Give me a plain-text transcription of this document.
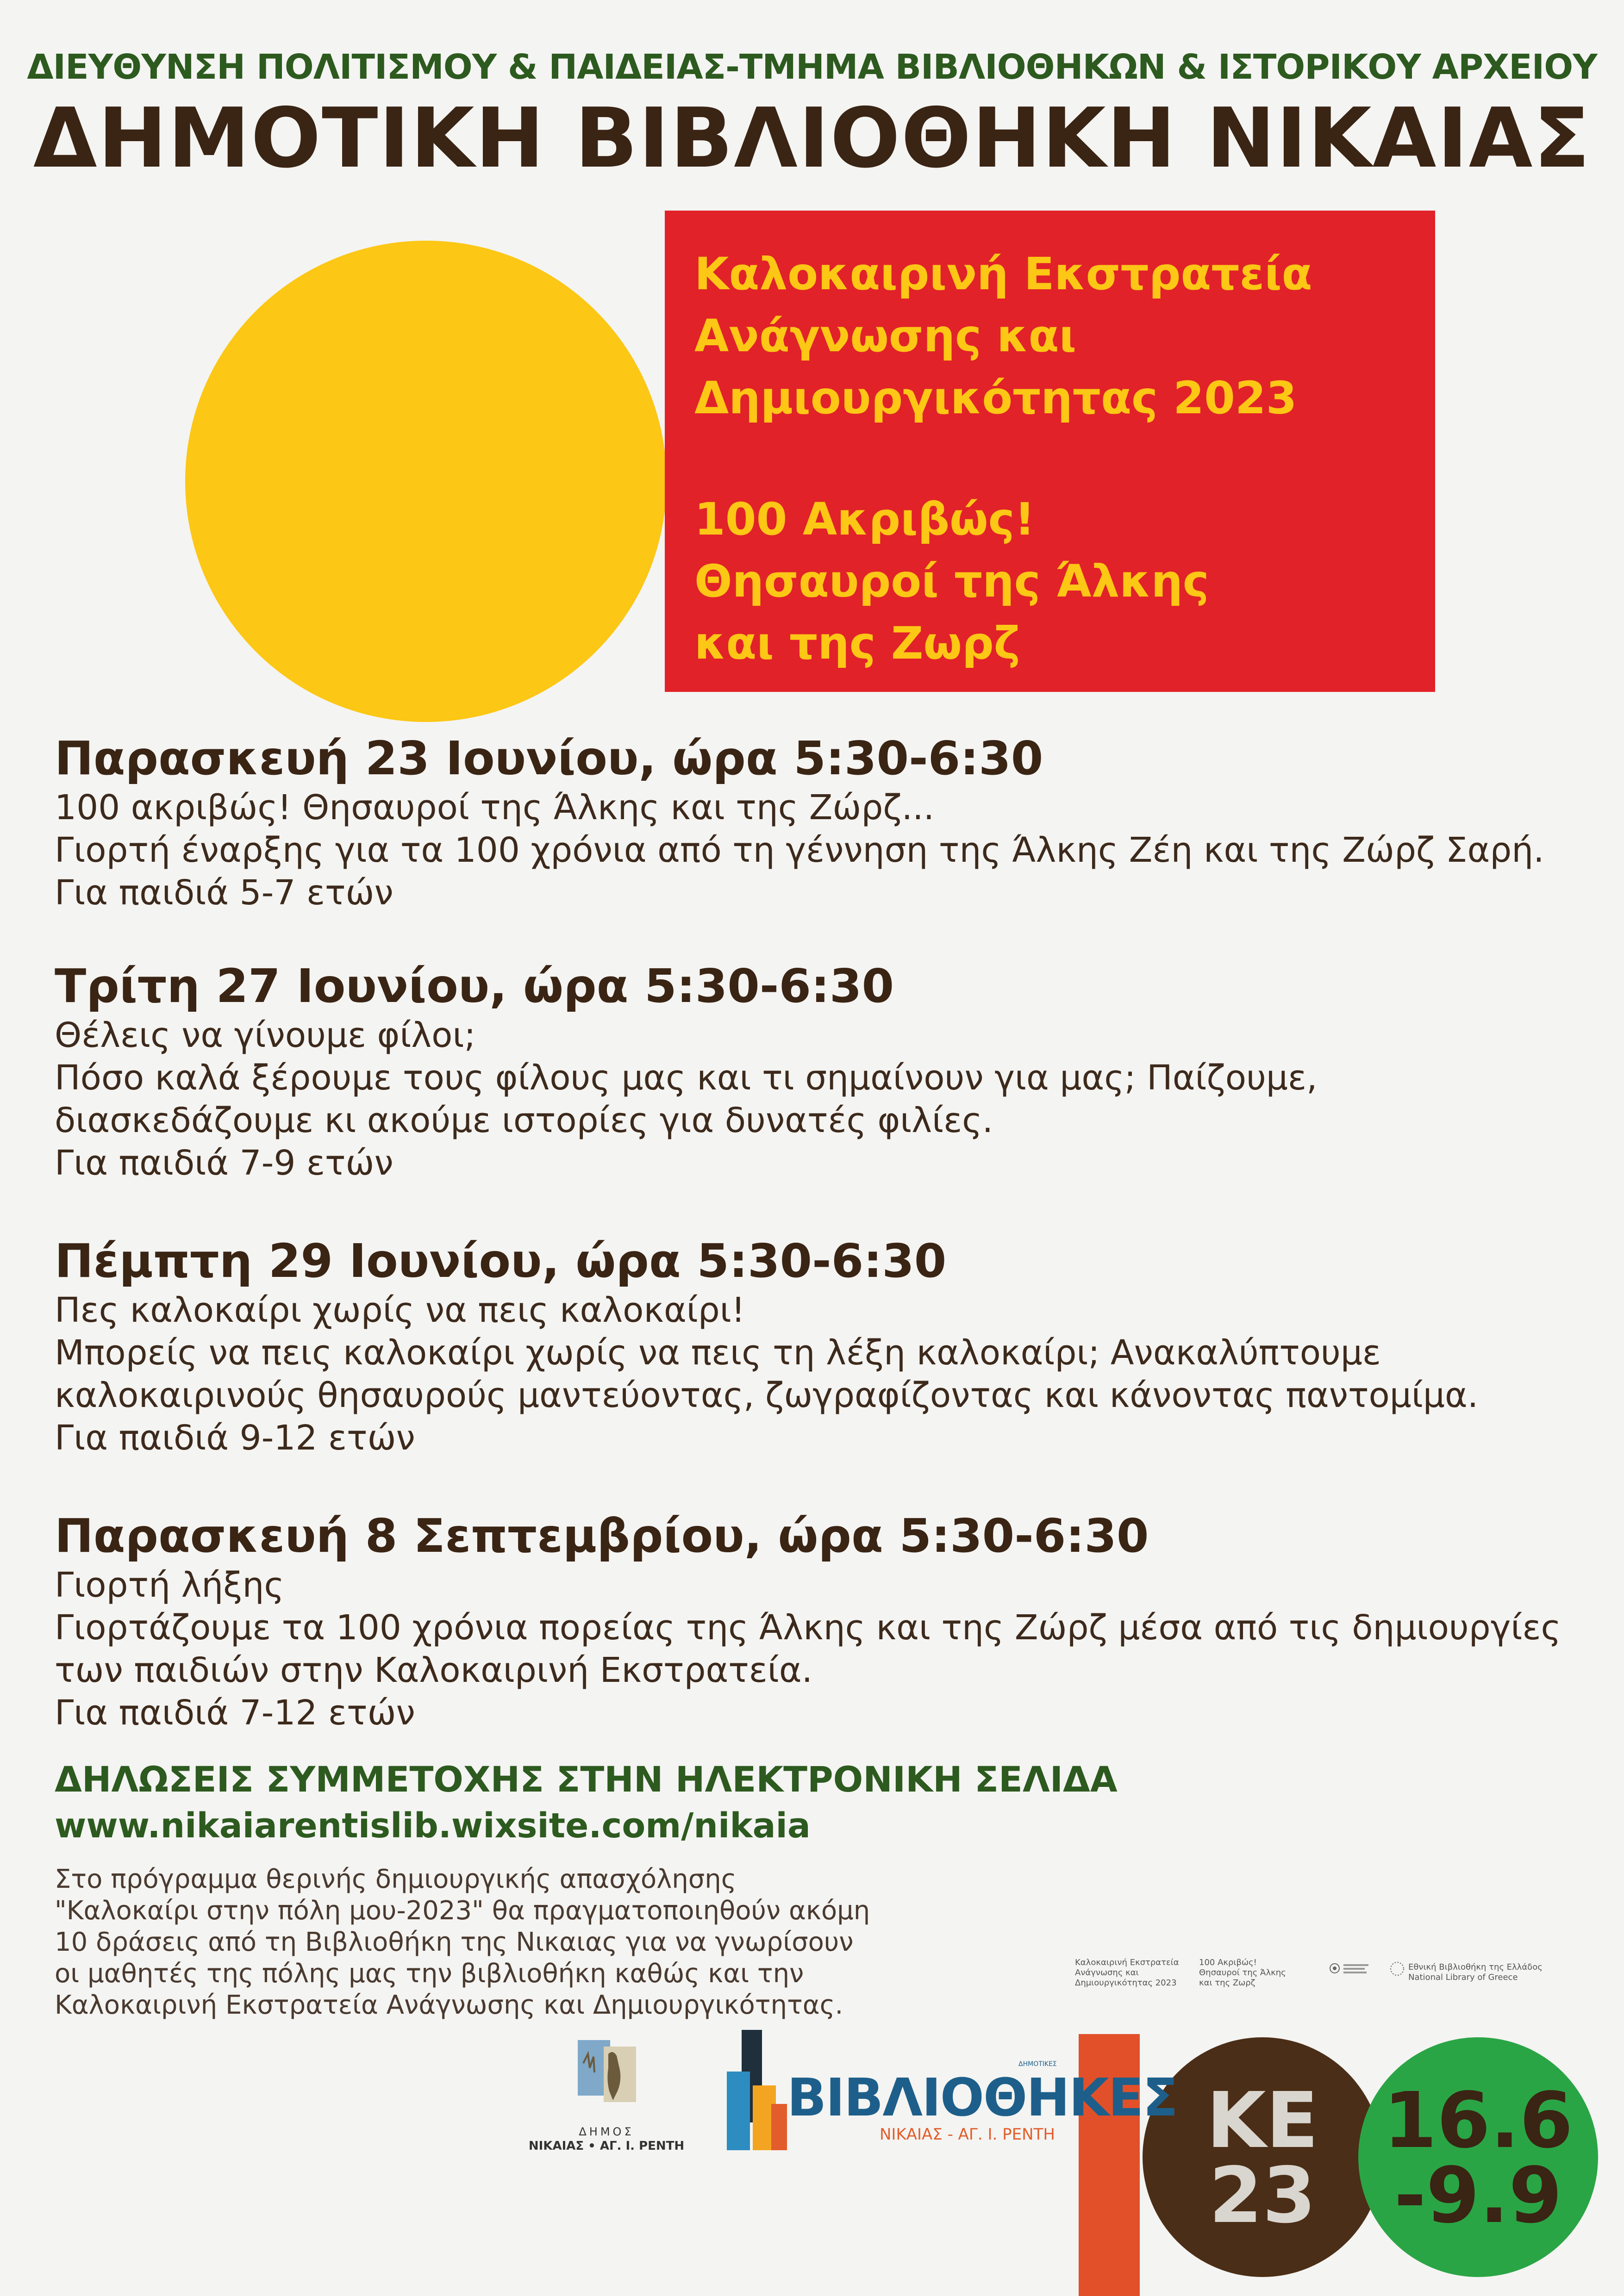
ΔΙΕΥΘΥΝΣΗ ΠΟΛΙΤΙΣΜΟΥ & ΠΑΙΔΕΙΑΣ-ΤΜΗΜΑ ΒΙΒΛΙΟΘΗΚΩΝ & ΙΣΤΟΡΙΚΟΥ ΑΡΧΕΙΟΥ
ΔΗΜΟΤΙΚΗ ΒΙΒΛΙΟΘΗΚΗ ΝΙΚΑΙΑΣ
Καλοκαιρινή Εκστρατεία
Ανάγνωσης και
Δημιουργικότητας 2023
100 Ακριβώς!
Θησαυροί της Άλκης
και της Ζωρζ
Παρασκευή 23 Ιουνίου, ώρα 5:30-6:30
100 ακριβώς! Θησαυροί της Άλκης και της Ζώρζ...
Γιορτή έναρξης για τα 100 χρόνια από τη γέννηση της Άλκης Ζέη και της Ζώρζ Σαρή.
Για παιδιά 5-7 ετών
Τρίτη 27 Ιουνίου, ώρα 5:30-6:30
Θέλεις να γίνουμε φίλοι;
Πόσο καλά ξέρουμε τους φίλους μας και τι σημαίνουν για μας; Παίζουμε,
διασκεδάζουμε κι ακούμε ιστορίες για δυνατές φιλίες.
Για παιδιά 7-9 ετών
Πέμπτη 29 Ιουνίου, ώρα 5:30-6:30
Πες καλοκαίρι χωρίς να πεις καλοκαίρι!
Μπορείς να πεις καλοκαίρι χωρίς να πεις τη λέξη καλοκαίρι; Ανακαλύπτουμε
καλοκαιρινούς θησαυρούς μαντεύοντας, ζωγραφίζοντας και κάνοντας παντομίμα.
Για παιδιά 9-12 ετών
Παρασκευή 8 Σεπτεμβρίου, ώρα 5:30-6:30
Γιορτή λήξης
Γιορτάζουμε τα 100 χρόνια πορείας της Άλκης και της Ζώρζ μέσα από τις δημιουργίες
των παιδιών στην Καλοκαιρινή Εκστρατεία.
Για παιδιά 7-12 ετών
ΔΗΛΩΣΕΙΣ ΣΥΜΜΕΤΟΧΗΣ ΣΤΗΝ ΗΛΕΚΤΡΟΝΙΚΗ ΣΕΛΙΔΑ
www.nikaiarentislib.wixsite.com/nikaia
Στο πρόγραμμα θερινής δημιουργικής απασχόλησης
"Καλοκαίρι στην πόλη μου-2023" θα πραγματοποιηθούν ακόμη
10 δράσεις από τη Βιβλιοθήκη της Νικαιας για να γνωρίσουν
οι μαθητές της πόλης μας την βιβλιοθήκη καθώς και την
Καλοκαιρινή Εκστρατεία Ανάγνωσης και Δημιουργικότητας.
Καλοκαιρινή Εκστρατεία
Ανάγνωσης και
Δημιουργικότητας 2023
100 Ακριβώς!
Θησαυροί της Άλκης
και της Ζωρζ
Εθνική Βιβλιοθήκη της Ελλάδος
National Library of Greece
ΚΕ
23
16.6
-9.9
ΔΗΜΟΣ
ΝΙΚΑΙΑΣ • ΑΓ. Ι. ΡΕΝΤΗ
ΔΗΜΟΤΙΚΕΣ
ΒΙΒΛΙΟΘΗΚΕΣ
ΝΙΚΑΙΑΣ - ΑΓ. Ι. ΡΕΝΤΗ
